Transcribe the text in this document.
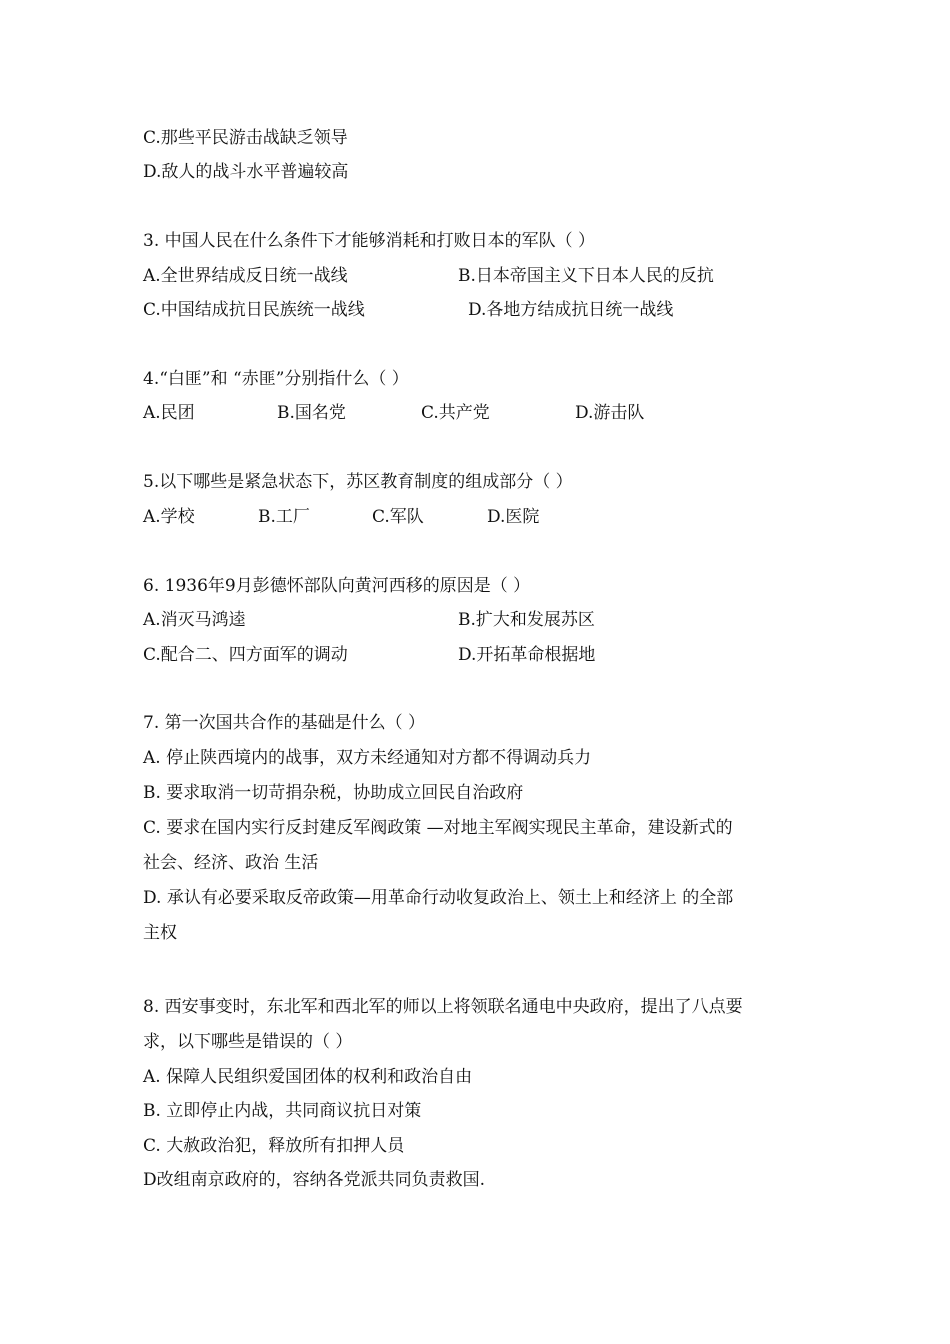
C.那些平民游击战缺乏领导
D.敌人的战斗水平普遍较高
3. 中国人民在什么条件下才能够消耗和打败日本的军队（ ）
A.全世界结成反日统一战线	B.日本帝国主义下日本人民的反抗
C.中国结成抗日民族统一战线	D.各地方结成抗日统一战线
4.“白匪”和 “赤匪”分别指什么（ ）
A.民团	B.国名党	C.共产党	D.游击队
5.以下哪些是紧急状态下，苏区教育制度的组成部分（ ）
A.学校	B.工厂	C.军队	D.医院
6. 1936年9月彭德怀部队向黄河西移的原因是（ ）
A.消灭马鸿逵	B.扩大和发展苏区
C.配合二、四方面军的调动	D.开拓革命根据地
7. 第一次国共合作的基础是什么（ ）
A. 停止陕西境内的战事，双方未经通知对方都不得调动兵力
B. 要求取消一切苛捐杂税，协助成立回民自治政府
C. 要求在国内实行反封建反军阀政策 —对地主军阀实现民主革命，建设新式的
社会、经济、政治 生活
D. 承认有必要采取反帝政策—用革命行动收复政治上、领土上和经济上 的全部
主权
8. 西安事变时，东北军和西北军的师以上将领联名通电中央政府，提出了八点要
求，以下哪些是错误的（ ）
A. 保障人民组织爱国团体的权利和政治自由
B. 立即停止内战，共同商议抗日对策
C. 大赦政治犯，释放所有扣押人员
D改组南京政府的，容纳各党派共同负责救国.
